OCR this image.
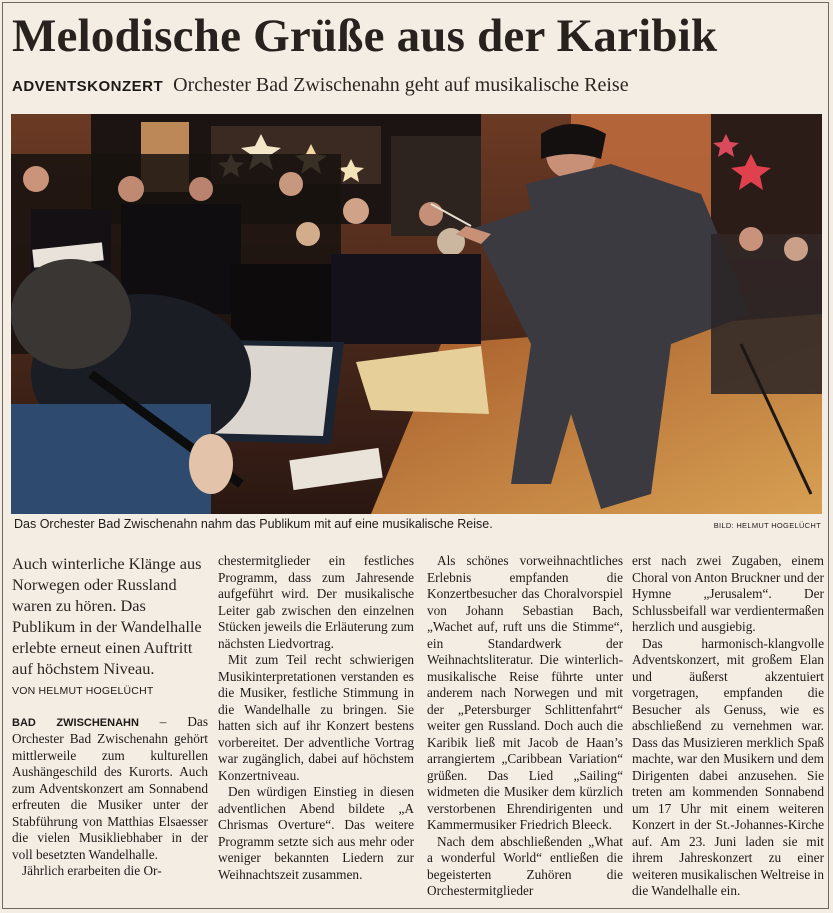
Melodische Grüße aus der Karibik
ADVENTSKONZERT Orchester Bad Zwischenahn geht auf musikalische Reise
Das Orchester Bad Zwischenahn nahm das Publikum mit auf eine musikalische Reise.	BILD: HELMUT HOGELÜCHT

Auch winterliche Klänge aus Norwegen oder Russland waren zu hören. Das Publikum in der Wandelhalle erlebte erneut einen Auftritt auf höchstem Niveau.

VON HELMUT HOGELÜCHT

BAD ZWISCHENAHN – Das Orchester Bad Zwischenahn gehört mittlerweile zum kulturellen Aushängeschild des Kurorts. Auch zum Adventskonzert am Sonnabend erfreuten die Musiker unter der Stabführung von Matthias Elsaesser die vielen Musikliebhaber in der voll besetzten Wandelhalle.

Jährlich erarbeiten die Or-

chestermitglieder ein festliches Programm, dass zum Jahresende aufgeführt wird. Der musikalische Leiter gab zwischen den einzelnen Stücken jeweils die Erläuterung zum nächsten Liedvortrag.

Mit zum Teil recht schwierigen Musikinterpretationen verstanden es die Musiker, festliche Stimmung in die Wandelhalle zu bringen. Sie hatten sich auf ihr Konzert bestens vorbereitet. Der adventliche Vortrag war zugänglich, dabei auf höchstem Konzertniveau.

Den würdigen Einstieg in diesen adventlichen Abend bildete „A Chrismas Overture“. Das weitere Programm setzte sich aus mehr oder weniger bekannten Liedern zur Weihnachtszeit zusammen.

Als schönes vorweihnachtliches Erlebnis empfanden die Konzertbesucher das Choralvorspiel von Johann Sebastian Bach, „Wachet auf, ruft uns die Stimme“, ein Standardwerk der Weihnachtsliteratur. Die winterlich-musikalische Reise führte unter anderem nach Norwegen und mit der „Petersburger Schlittenfahrt“ weiter gen Russland. Doch auch die Karibik ließ mit Jacob de Haan’s arrangiertem „Caribbean Variation“ grüßen. Das Lied „Sailing“ widmeten die Musiker dem kürzlich verstorbenen Ehrendirigenten und Kammermusiker Friedrich Bleeck.

Nach dem abschließenden „What a wonderful World“ entließen die begeisterten Zuhören die Orchestermitglieder

erst nach zwei Zugaben, einem Choral von Anton Bruckner und der Hymne „Jerusalem“. Der Schlussbeifall war verdientermaßen herzlich und ausgiebig.

Das harmonisch-klangvolle Adventskonzert, mit großem Elan und äußerst akzentuiert vorgetragen, empfanden die Besucher als Genuss, wie es abschließend zu vernehmen war. Dass das Musizieren merklich Spaß machte, war den Musikern und dem Dirigenten dabei anzusehen. Sie treten am kommenden Sonnabend um 17 Uhr mit einem weiteren Konzert in der St.-Johannes-Kirche auf. Am 23. Juni laden sie mit ihrem Jahreskonzert zu einer weiteren musikalischen Weltreise in die Wandelhalle ein.
